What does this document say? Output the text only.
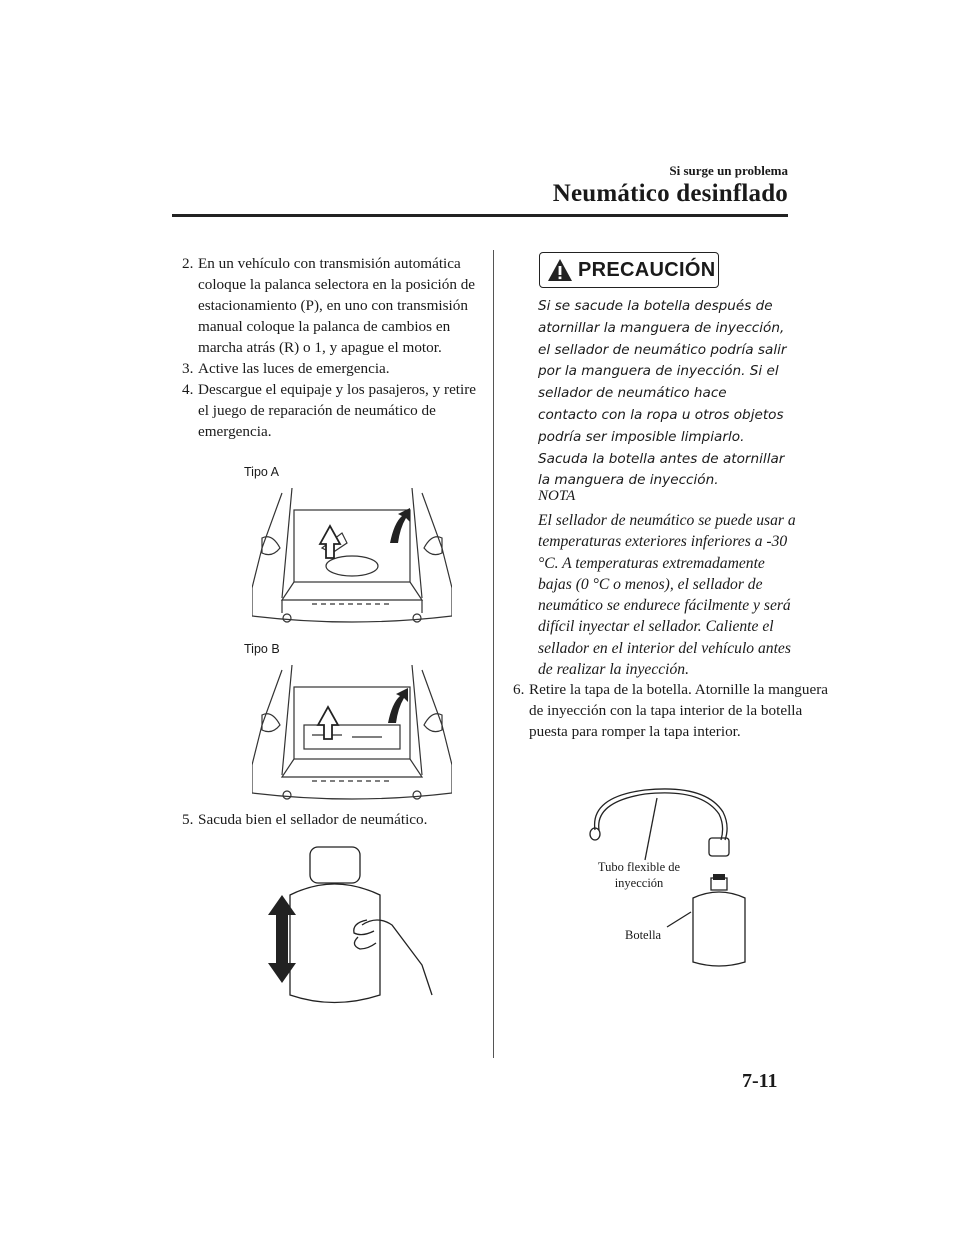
Si surge un problema
Neumático desinflado
2. En un vehículo con transmisión automática coloque la palanca selectora en la posición de estacionamiento (P), en uno con transmisión manual coloque la palanca de cambios en marcha atrás (R) o 1, y apague el motor.
3. Active las luces de emergencia.
4. Descargue el equipaje y los pasajeros, y retire el juego de reparación de neumático de emergencia.
Tipo A
Tipo B
5. Sacuda bien el sellador de neumático.
PRECAUCIÓN
Si se sacude la botella después de atornillar la manguera de inyección, el sellador de neumático podría salir por la manguera de inyección. Si el sellador de neumático hace contacto con la ropa u otros objetos podría ser imposible limpiarlo. Sacuda la botella antes de atornillar la manguera de inyección.
NOTA
El sellador de neumático se puede usar a temperaturas exteriores inferiores a -30 °C. A temperaturas extremadamente bajas (0 °C o menos), el sellador de neumático se endurece fácilmente y será difícil inyectar el sellador. Caliente el sellador en el interior del vehículo antes de realizar la inyección.
6. Retire la tapa de la botella. Atornille la manguera de inyección con la tapa interior de la botella puesta para romper la tapa interior.
Tubo flexible de inyección
Botella
7-11
